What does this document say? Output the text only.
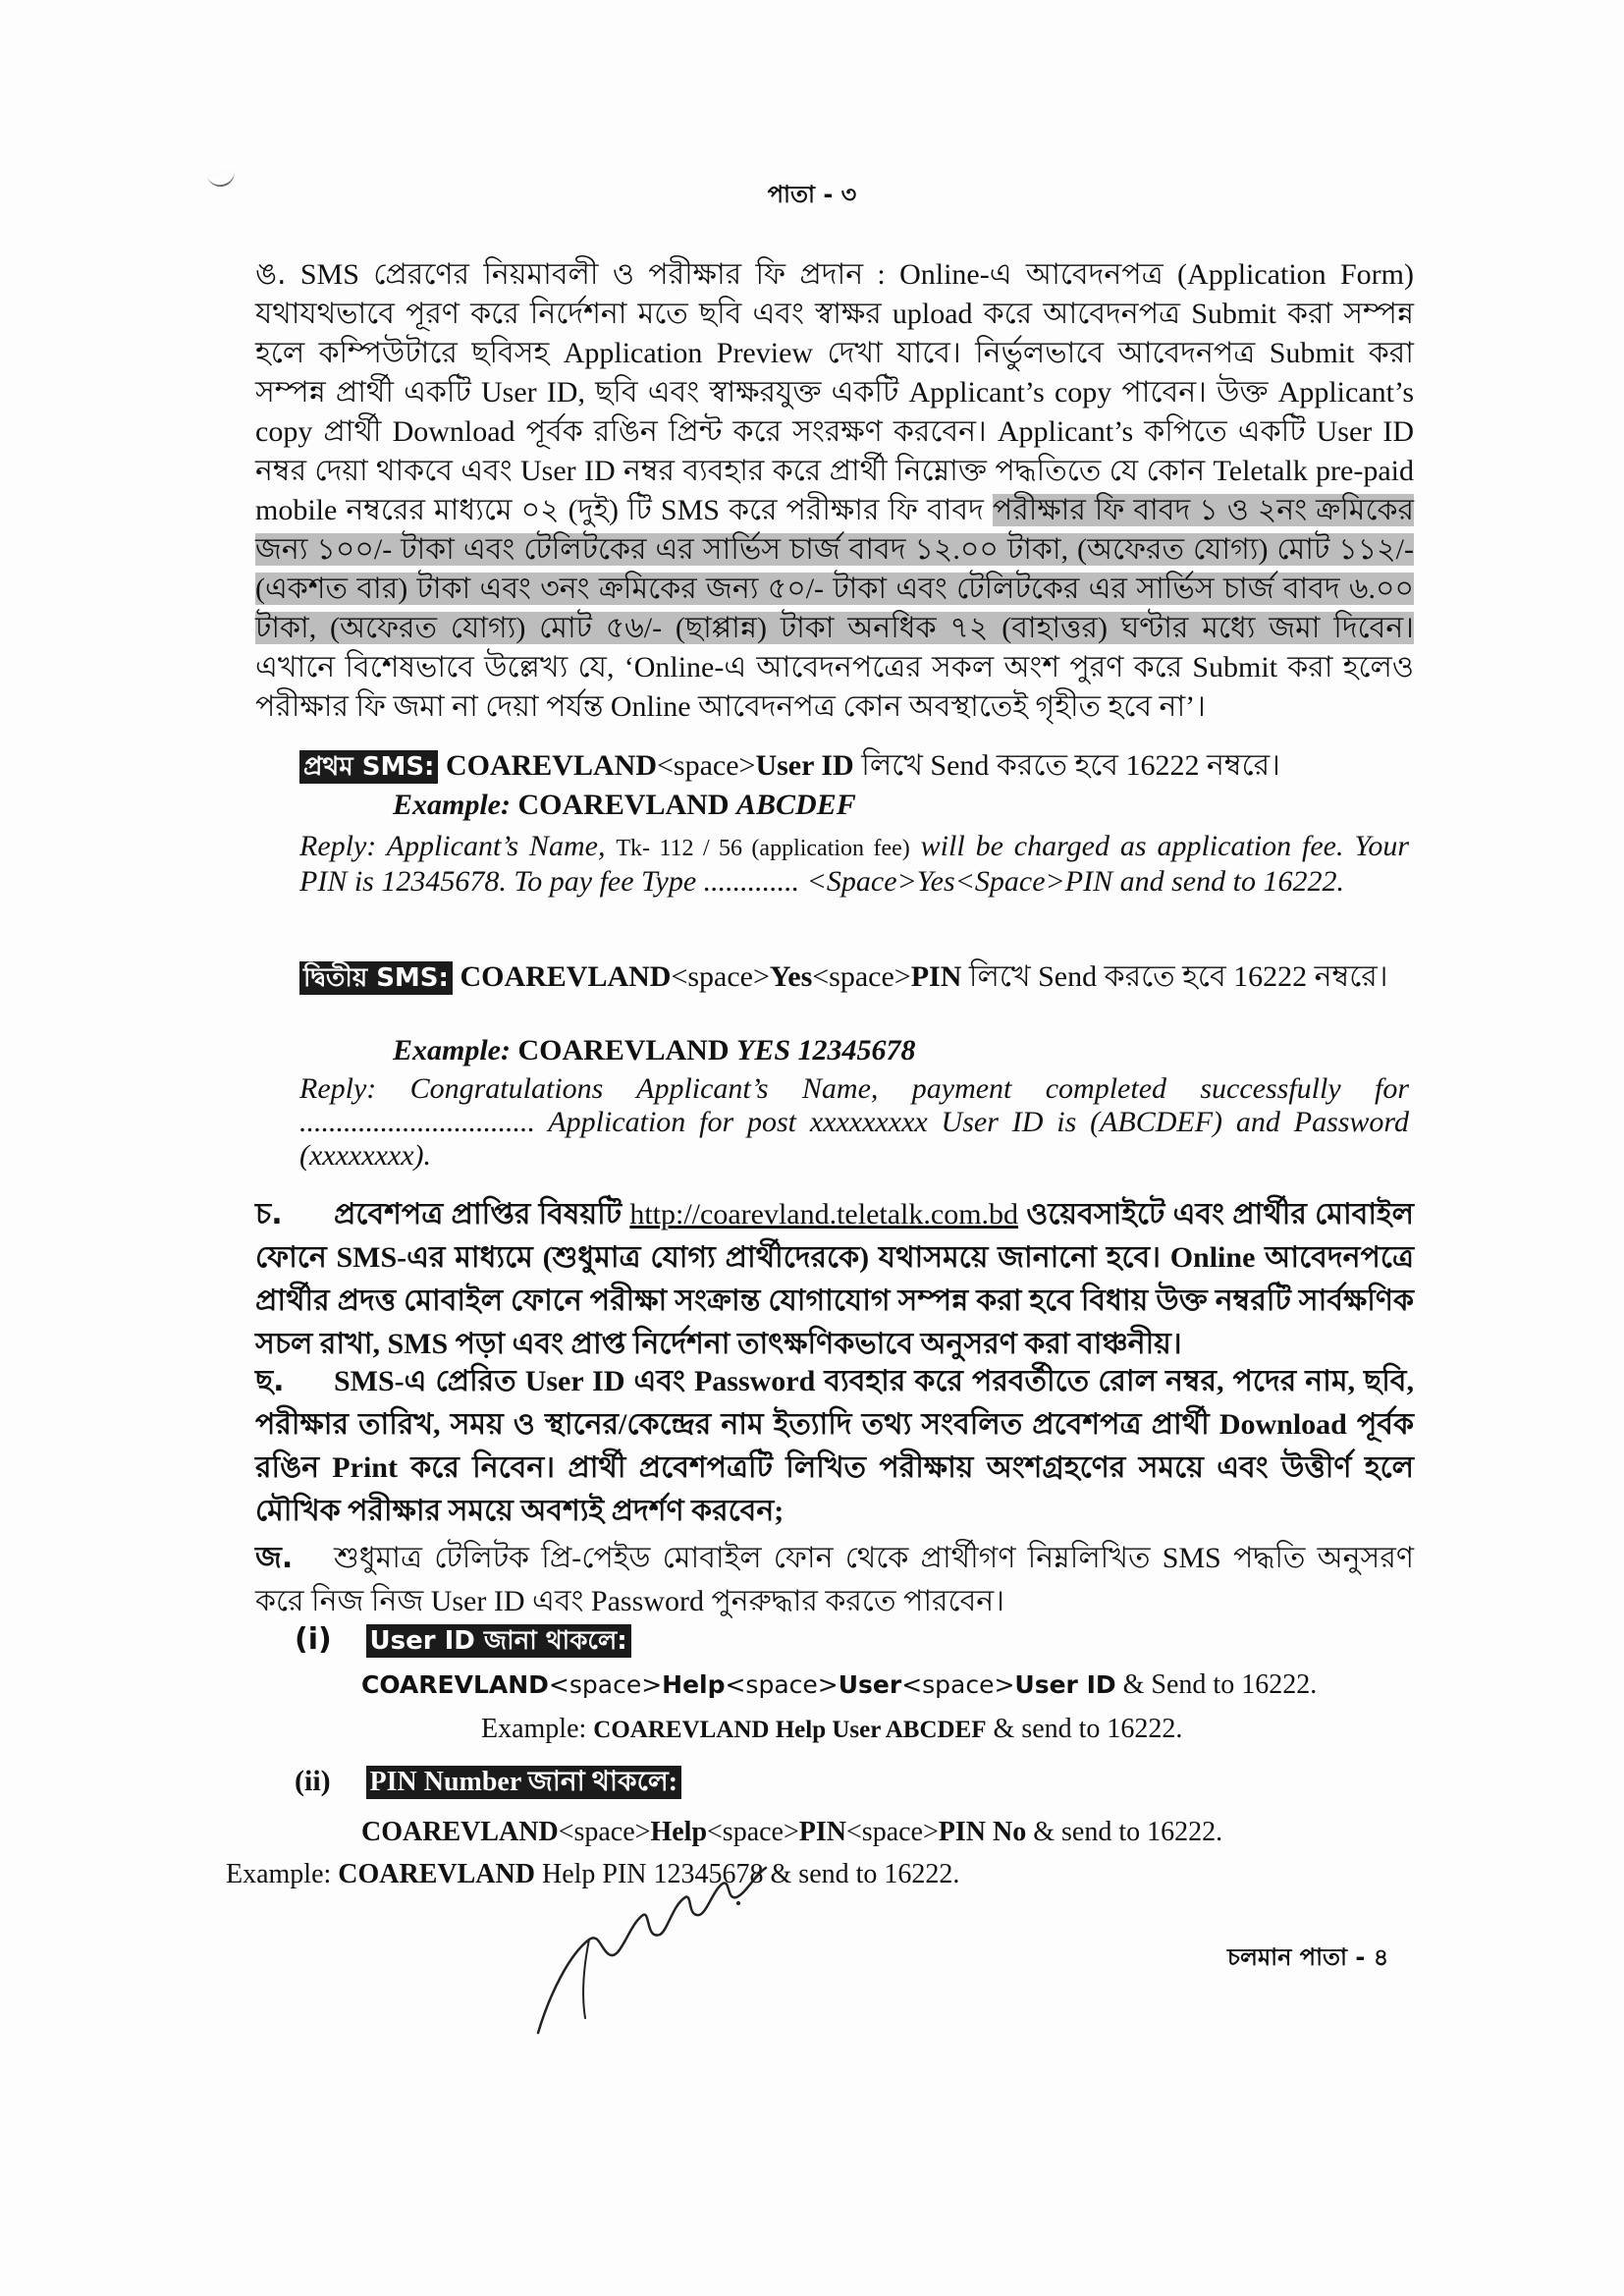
পাতা - ৩

ঙ. SMS প্রেরণের নিয়মাবলী ও পরীক্ষার ফি প্রদান : Online-এ আবেদনপত্র (Application Form) যথাযথভাবে পূরণ করে নির্দেশনা মতে ছবি এবং স্বাক্ষর upload করে আবেদনপত্র Submit করা সম্পন্ন হলে কম্পিউটারে ছবিসহ Application Preview দেখা যাবে। নির্ভুলভাবে আবেদনপত্র Submit করা সম্পন্ন প্রার্থী একটি User ID, ছবি এবং স্বাক্ষরযুক্ত একটি Applicant’s copy পাবেন। উক্ত Applicant’s copy প্রার্থী Download পূর্বক রঙিন প্রিন্ট করে সংরক্ষণ করবেন। Applicant’s কপিতে একটি User ID নম্বর দেয়া থাকবে এবং User ID নম্বর ব্যবহার করে প্রার্থী নিম্নোক্ত পদ্ধতিতে যে কোন Teletalk pre-paid mobile নম্বরের মাধ্যমে ০২ (দুই) টি SMS করে পরীক্ষার ফি বাবদ পরীক্ষার ফি বাবদ ১ ও ২নং ক্রমিকের জন্য ১০০/- টাকা এবং টেলিটকের এর সার্ভিস চার্জ বাবদ ১২.০০ টাকা, (অফেরত যোগ্য) মোট ১১২/- (একশত বার) টাকা এবং ৩নং ক্রমিকের জন্য ৫০/- টাকা এবং টেলিটকের এর সার্ভিস চার্জ বাবদ ৬.০০ টাকা, (অফেরত যোগ্য) মোট ৫৬/- (ছাপ্পান্ন) টাকা অনধিক ৭২ (বাহাত্তর) ঘণ্টার মধ্যে জমা দিবেন। এখানে বিশেষভাবে উল্লেখ্য যে, ‘Online-এ আবেদনপত্রের সকল অংশ পুরণ করে Submit করা হলেও পরীক্ষার ফি জমা না দেয়া পর্যন্ত Online আবেদনপত্র কোন অবস্থাতেই গৃহীত হবে না’।

প্রথম SMS: COAREVLAND<space>User ID লিখে Send করতে হবে 16222 নম্বরে।

Example: COAREVLAND ABCDEF

Reply: Applicant’s Name, Tk- 112 / 56 (application fee) will be charged as application fee. Your PIN is 12345678. To pay fee Type ............. <Space>Yes<Space>PIN and send to 16222.

দ্বিতীয় SMS: COAREVLAND<space>Yes<space>PIN লিখে Send করতে হবে 16222 নম্বরে।

Example: COAREVLAND YES 12345678

Reply: Congratulations Applicant’s Name, payment completed successfully for ................................ Application for post xxxxxxxxx User ID is (ABCDEF) and Password (xxxxxxxx).

চ. প্রবেশপত্র প্রাপ্তির বিষয়টি http://coarevland.teletalk.com.bd ওয়েবসাইটে এবং প্রার্থীর মোবাইল ফোনে SMS-এর মাধ্যমে (শুধুমাত্র যোগ্য প্রার্থীদেরকে) যথাসময়ে জানানো হবে। Online আবেদনপত্রে প্রার্থীর প্রদত্ত মোবাইল ফোনে পরীক্ষা সংক্রান্ত যোগাযোগ সম্পন্ন করা হবে বিধায় উক্ত নম্বরটি সার্বক্ষণিক সচল রাখা, SMS পড়া এবং প্রাপ্ত নির্দেশনা তাৎক্ষণিকভাবে অনুসরণ করা বাঞ্চনীয়।

ছ. SMS-এ প্রেরিত User ID এবং Password ব্যবহার করে পরবর্তীতে রোল নম্বর, পদের নাম, ছবি, পরীক্ষার তারিখ, সময় ও স্থানের/কেন্দ্রের নাম ইত্যাদি তথ্য সংবলিত প্রবেশপত্র প্রার্থী Download পূর্বক রঙিন Print করে নিবেন। প্রার্থী প্রবেশপত্রটি লিখিত পরীক্ষায় অংশগ্রহণের সময়ে এবং উত্তীর্ণ হলে মৌখিক পরীক্ষার সময়ে অবশ্যই প্রদর্শণ করবেন;

জ. শুধুমাত্র টেলিটক প্রি-পেইড মোবাইল ফোন থেকে প্রার্থীগণ নিম্নলিখিত SMS পদ্ধতি অনুসরণ করে নিজ নিজ User ID এবং Password পুনরুদ্ধার করতে পারবেন।

(i) User ID জানা থাকলে:

COAREVLAND<space>Help<space>User<space>User ID & Send to 16222.

Example: COAREVLAND Help User ABCDEF & send to 16222.

(ii) PIN Number জানা থাকলে:

COAREVLAND<space>Help<space>PIN<space>PIN No & send to 16222.

Example: COAREVLAND Help PIN 12345678 & send to 16222.

চলমান পাতা - ৪
